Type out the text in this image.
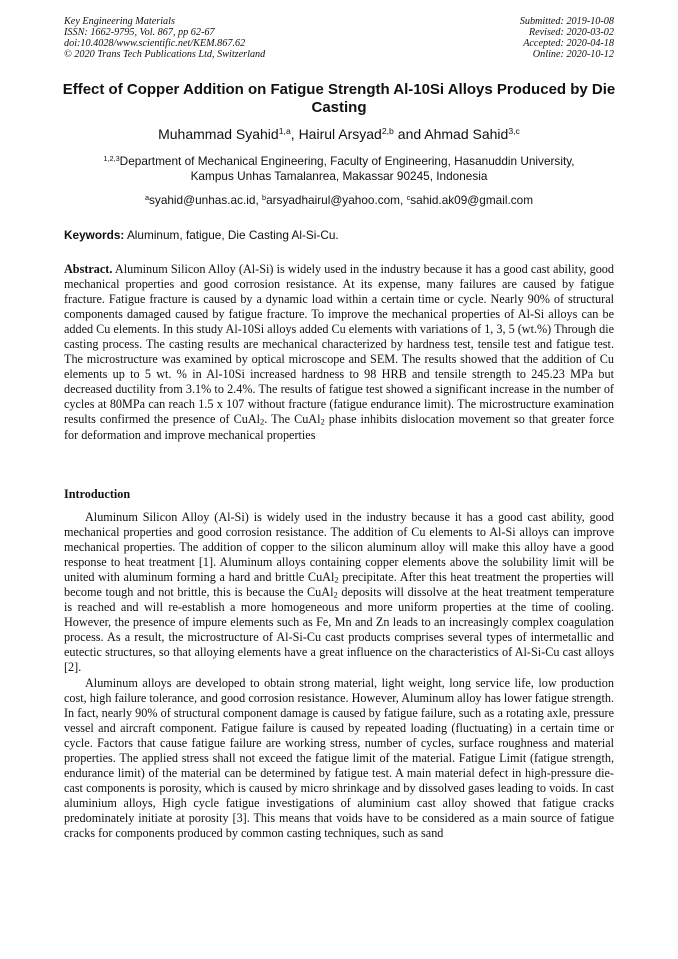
Key Engineering Materials
ISSN: 1662-9795, Vol. 867, pp 62-67
doi:10.4028/www.scientific.net/KEM.867.62
© 2020 Trans Tech Publications Ltd, Switzerland
Submitted: 2019-10-08
Revised: 2020-03-02
Accepted: 2020-04-18
Online: 2020-10-12
Effect of Copper Addition on Fatigue Strength Al-10Si Alloys Produced by Die Casting
Muhammad Syahid$^{1,a}$, Hairul Arsyad$^{2,b}$ and Ahmad Sahid$^{3,c}$
$^{1,2,3}$Department of Mechanical Engineering, Faculty of Engineering, Hasanuddin University,
Kampus Unhas Tamalanrea, Makassar 90245, Indonesia
$^a$syahid@unhas.ac.id, $^b$arsyadhairul@yahoo.com, $^c$sahid.ak09@gmail.com
Keywords: Aluminum, fatigue, Die Casting Al-Si-Cu.
Abstract. Aluminum Silicon Alloy (Al-Si) is widely used in the industry because it has a good cast ability, good mechanical properties and good corrosion resistance. At its expense, many failures are caused by fatigue fracture. Fatigue fracture is caused by a dynamic load within a certain time or cycle. Nearly 90% of structural components damaged caused by fatigue fracture. To improve the mechanical properties of Al-Si alloys can be added Cu elements. In this study Al-10Si alloys added Cu elements with variations of 1, 3, 5 (wt.%) Through die casting process. The casting results are mechanical characterized by hardness test, tensile test and fatigue test. The microstructure was examined by optical microscope and SEM. The results showed that the addition of Cu elements up to 5 wt. % in Al-10Si increased hardness to 98 HRB and tensile strength to 245.23 MPa but decreased ductility from 3.1% to 2.4%. The results of fatigue test showed a significant increase in the number of cycles at 80MPa can reach 1.5 x 107 without fracture (fatigue endurance limit). The microstructure examination results confirmed the presence of CuAl$_2$. The CuAl$_2$ phase inhibits dislocation movement so that greater force for deformation and improve mechanical properties
Introduction

Aluminum Silicon Alloy (Al-Si) is widely used in the industry because it has a good cast ability, good mechanical properties and good corrosion resistance. The addition of Cu elements to Al-Si alloys can improve mechanical properties. The addition of copper to the silicon aluminum alloy will make this alloy have a good response to heat treatment [1]. Aluminum alloys containing copper elements above the solubility limit will be united with aluminum forming a hard and brittle CuAl$_2$ precipitate. After this heat treatment the properties will become tough and not brittle, this is because the CuAl$_2$ deposits will dissolve at the heat treatment temperature is reached and will re-establish a more homogeneous and more uniform properties at the time of cooling. However, the presence of impure elements such as Fe, Mn and Zn leads to an increasingly complex coagulation process. As a result, the microstructure of Al-Si-Cu cast products comprises several types of intermetallic and eutectic structures, so that alloying elements have a great influence on the characteristics of Al-Si-Cu cast alloys [2].

Aluminum alloys are developed to obtain strong material, light weight, long service life, low production cost, high failure tolerance, and good corrosion resistance. However, Aluminum alloy has lower fatigue strength. In fact, nearly 90% of structural component damage is caused by fatigue failure, such as a rotating axle, pressure vessel and aircraft component. Fatigue failure is caused by repeated loading (fluctuating) in a certain time or cycle. Factors that cause fatigue failure are working stress, number of cycles, surface roughness and material properties. The applied stress shall not exceed the fatigue limit of the material. Fatigue Limit (fatigue strength, endurance limit) of the material can be determined by fatigue test. A main material defect in high-pressure die-cast components is porosity, which is caused by micro shrinkage and by dissolved gases leading to voids. In cast aluminium alloys, High cycle fatigue investigations of aluminium cast alloy showed that fatigue cracks predominately initiate at porosity [3]. This means that voids have to be considered as a main source of fatigue cracks for components produced by common casting techniques, such as sand
